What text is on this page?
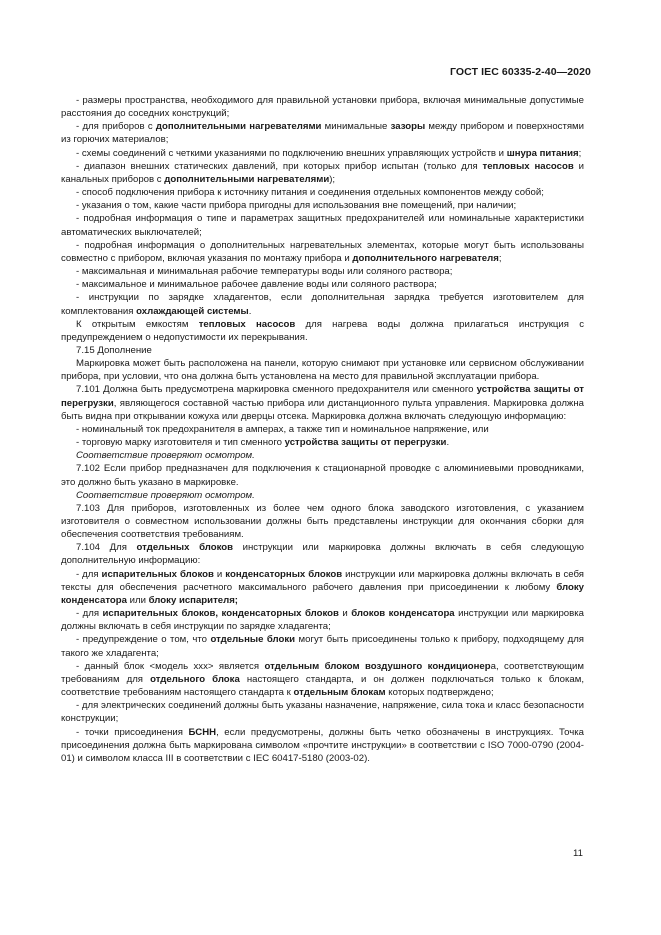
ГОСТ IEC 60335-2-40—2020

- размеры пространства, необходимого для правильной установки прибора, включая минимальные допустимые расстояния до соседних конструкций;

- для приборов с дополнительными нагревателями минимальные зазоры между прибором и поверхностями из горючих материалов;

- схемы соединений с четкими указаниями по подключению внешних управляющих устройств и шнура питания;

- диапазон внешних статических давлений, при которых прибор испытан (только для тепловых насосов и канальных приборов с дополнительными нагревателями);

- способ подключения прибора к источнику питания и соединения отдельных компонентов между собой;

- указания о том, какие части прибора пригодны для использования вне помещений, при наличии;

- подробная информация о типе и параметрах защитных предохранителей или номинальные характеристики автоматических выключателей;

- подробная информация о дополнительных нагревательных элементах, которые могут быть использованы совместно с прибором, включая указания по монтажу прибора и дополнительного нагревателя;

- максимальная и минимальная рабочие температуры воды или соляного раствора;

- максимальное и минимальное рабочее давление воды или соляного раствора;

- инструкции по зарядке хладагентов, если дополнительная зарядка требуется изготовителем для комплектования охлаждающей системы.

К открытым емкостям тепловых насосов для нагрева воды должна прилагаться инструкция с предупреждением о недопустимости их перекрывания.

7.15 Дополнение

Маркировка может быть расположена на панели, которую снимают при установке или сервисном обслуживании прибора, при условии, что она должна быть установлена на место для правильной эксплуатации прибора.

7.101 Должна быть предусмотрена маркировка сменного предохранителя или сменного устройства защиты от перегрузки, являющегося составной частью прибора или дистанционного пульта управления. Маркировка должна быть видна при открывании кожуха или дверцы отсека. Маркировка должна включать следующую информацию:

- номинальный ток предохранителя в амперах, а также тип и номинальное напряжение, или

- торговую марку изготовителя и тип сменного устройства защиты от перегрузки.

Соответствие проверяют осмотром.

7.102 Если прибор предназначен для подключения к стационарной проводке с алюминиевыми проводниками, это должно быть указано в маркировке.

Соответствие проверяют осмотром.

7.103 Для приборов, изготовленных из более чем одного блока заводского изготовления, с указанием изготовителя о совместном использовании должны быть представлены инструкции для окончания сборки для обеспечения соответствия требованиям.

7.104 Для отдельных блоков инструкции или маркировка должны включать в себя следующую дополнительную информацию:

- для испарительных блоков и конденсаторных блоков инструкции или маркировка должны включать в себя тексты для обеспечения расчетного максимального рабочего давления при присоединении к любому блоку конденсатора или блоку испарителя;

- для испарительных блоков, конденсаторных блоков и блоков конденсатора инструкции или маркировка должны включать в себя инструкции по зарядке хладагента;

- предупреждение о том, что отдельные блоки могут быть присоединены только к прибору, подходящему для такого же хладагента;

- данный блок <модель ххх> является отдельным блоком воздушного кондиционера, соответствующим требованиям для отдельного блока настоящего стандарта, и он должен подключаться только к блокам, соответствие требованиям настоящего стандарта к отдельным блокам которых подтверждено;

- для электрических соединений должны быть указаны назначение, напряжение, сила тока и класс безопасности конструкции;

- точки присоединения БСНН, если предусмотрены, должны быть четко обозначены в инструкциях. Точка присоединения должна быть маркирована символом «прочтите инструкции» в соответствии с ISO 7000-0790 (2004-01) и символом класса III в соответствии с IEC 60417-5180 (2003-02).

11
